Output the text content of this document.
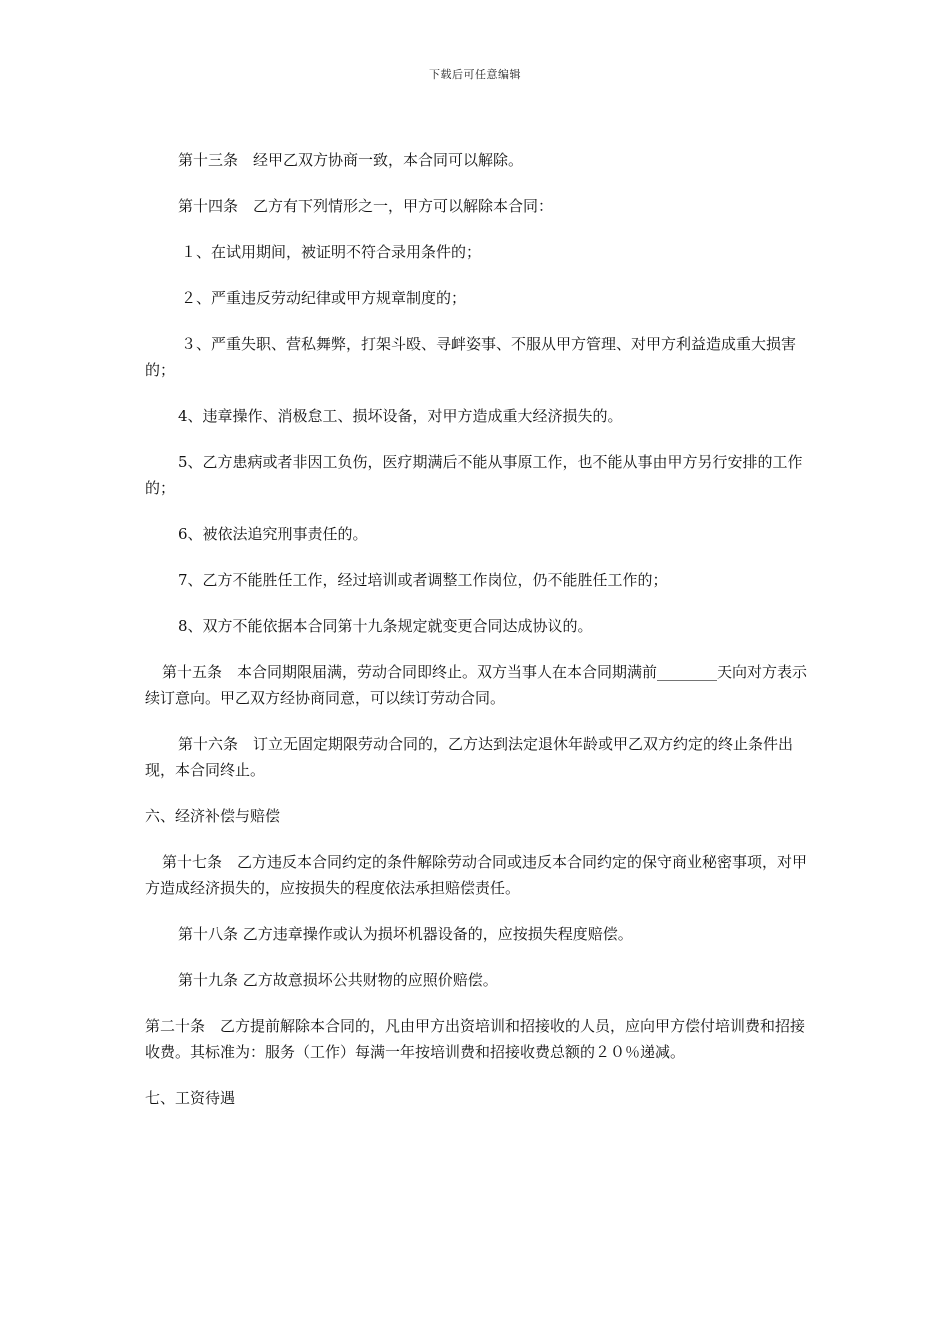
下载后可任意编辑

第十三条　经甲乙双方协商一致，本合同可以解除。

第十四条　乙方有下列情形之一，甲方可以解除本合同：

１、在试用期间，被证明不符合录用条件的；

２、严重违反劳动纪律或甲方规章制度的；

３、严重失职、营私舞弊，打架斗殴、寻衅姿事、不服从甲方管理、对甲方利益造成重大损害的；

4、违章操作、消极怠工、损坏设备，对甲方造成重大经济损失的。

5、乙方患病或者非因工负伤，医疗期满后不能从事原工作，也不能从事由甲方另行安排的工作的；

6、被依法追究刑事责任的。

7、乙方不能胜任工作，经过培训或者调整工作岗位，仍不能胜任工作的；

8、双方不能依据本合同第十九条规定就变更合同达成协议的。

第十五条　本合同期限届满，劳动合同即终止。双方当事人在本合同期满前________天向对方表示续订意向。甲乙双方经协商同意，可以续订劳动合同。

第十六条　订立无固定期限劳动合同的，乙方达到法定退休年龄或甲乙双方约定的终止条件出现，本合同终止。

六、经济补偿与赔偿

第十七条　乙方违反本合同约定的条件解除劳动合同或违反本合同约定的保守商业秘密事项，对甲方造成经济损失的，应按损失的程度依法承担赔偿责任。

第十八条 乙方违章操作或认为损坏机器设备的，应按损失程度赔偿。

第十九条 乙方故意损坏公共财物的应照价赔偿。

第二十条　乙方提前解除本合同的，凡由甲方出资培训和招接收的人员，应向甲方偿付培训费和招接收费。其标准为：服务（工作）每满一年按培训费和招接收费总额的２０％递减。

七、工资待遇
